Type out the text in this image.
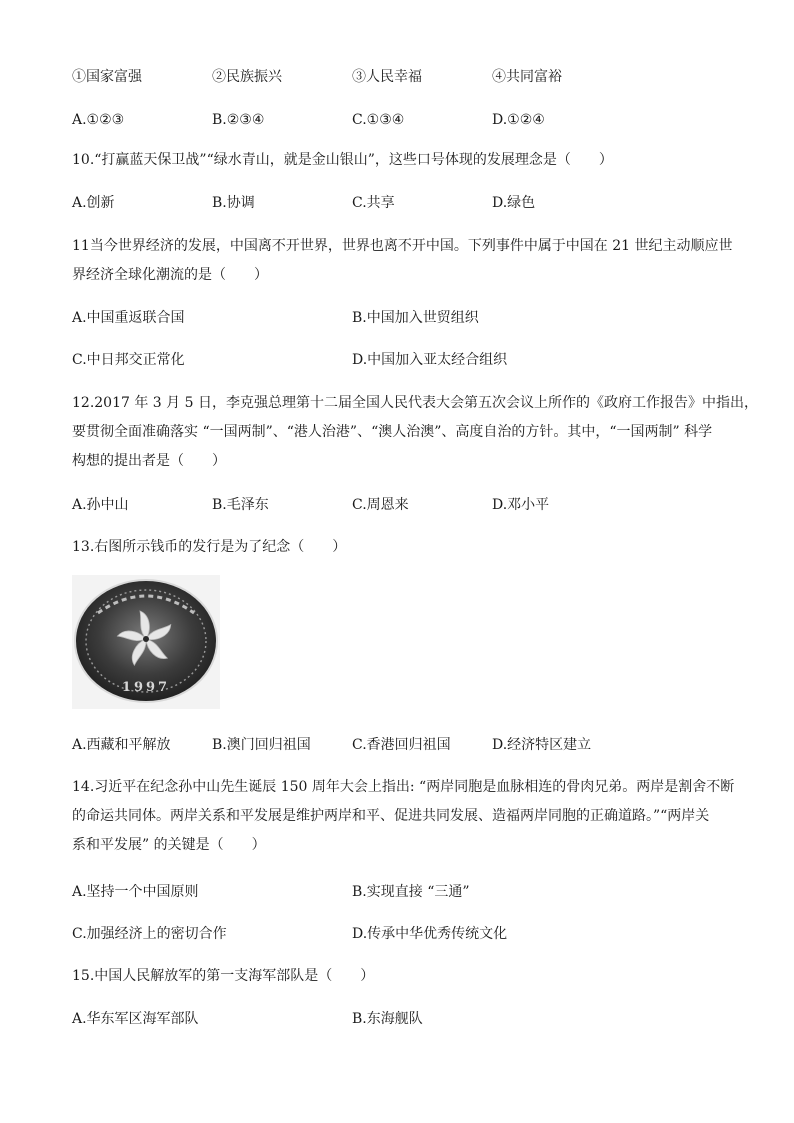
①国家富强	②民族振兴	③人民幸福	④共同富裕
A.①②③	B.②③④	C.①③④	D.①②④
10.“打赢蓝天保卫战”“绿水青山，就是金山银山”，这些口号体现的发展理念是（　　）
A.创新	B.协调	C.共享	D.绿色
11当今世界经济的发展，中国离不开世界，世界也离不开中国。下列事件中属于中国在 21 世纪主动顺应世
界经济全球化潮流的是（　　）
A.中国重返联合国	B.中国加入世贸组织
C.中日邦交正常化	D.中国加入亚太经合组织
12.2017 年 3 月 5 日，李克强总理第十二届全国人民代表大会第五次会议上所作的《政府工作报告》中指出，
要贯彻全面准确落实 “一国两制”、“港人治港”、“澳人治澳”、高度自治的方针。其中，“一国两制” 科学
构想的提出者是（　　）
A.孙中山	B.毛泽东	C.周恩来	D.邓小平
13.右图所示钱币的发行是为了纪念（　　）
1997
A.西藏和平解放	B.澳门回归祖国	C.香港回归祖国	D.经济特区建立
14.习近平在纪念孙中山先生诞辰 150 周年大会上指出: “两岸同胞是血脉相连的骨肉兄弟。两岸是割舍不断
的命运共同体。两岸关系和平发展是维护两岸和平、促进共同发展、造福两岸同胞的正确道路。”“两岸关
系和平发展” 的关键是（　　）
A.坚持一个中国原则	B.实现直接 “三通”
C.加强经济上的密切合作	D.传承中华优秀传统文化
15.中国人民解放军的第一支海军部队是（　　）
A.华东军区海军部队	B.东海舰队
